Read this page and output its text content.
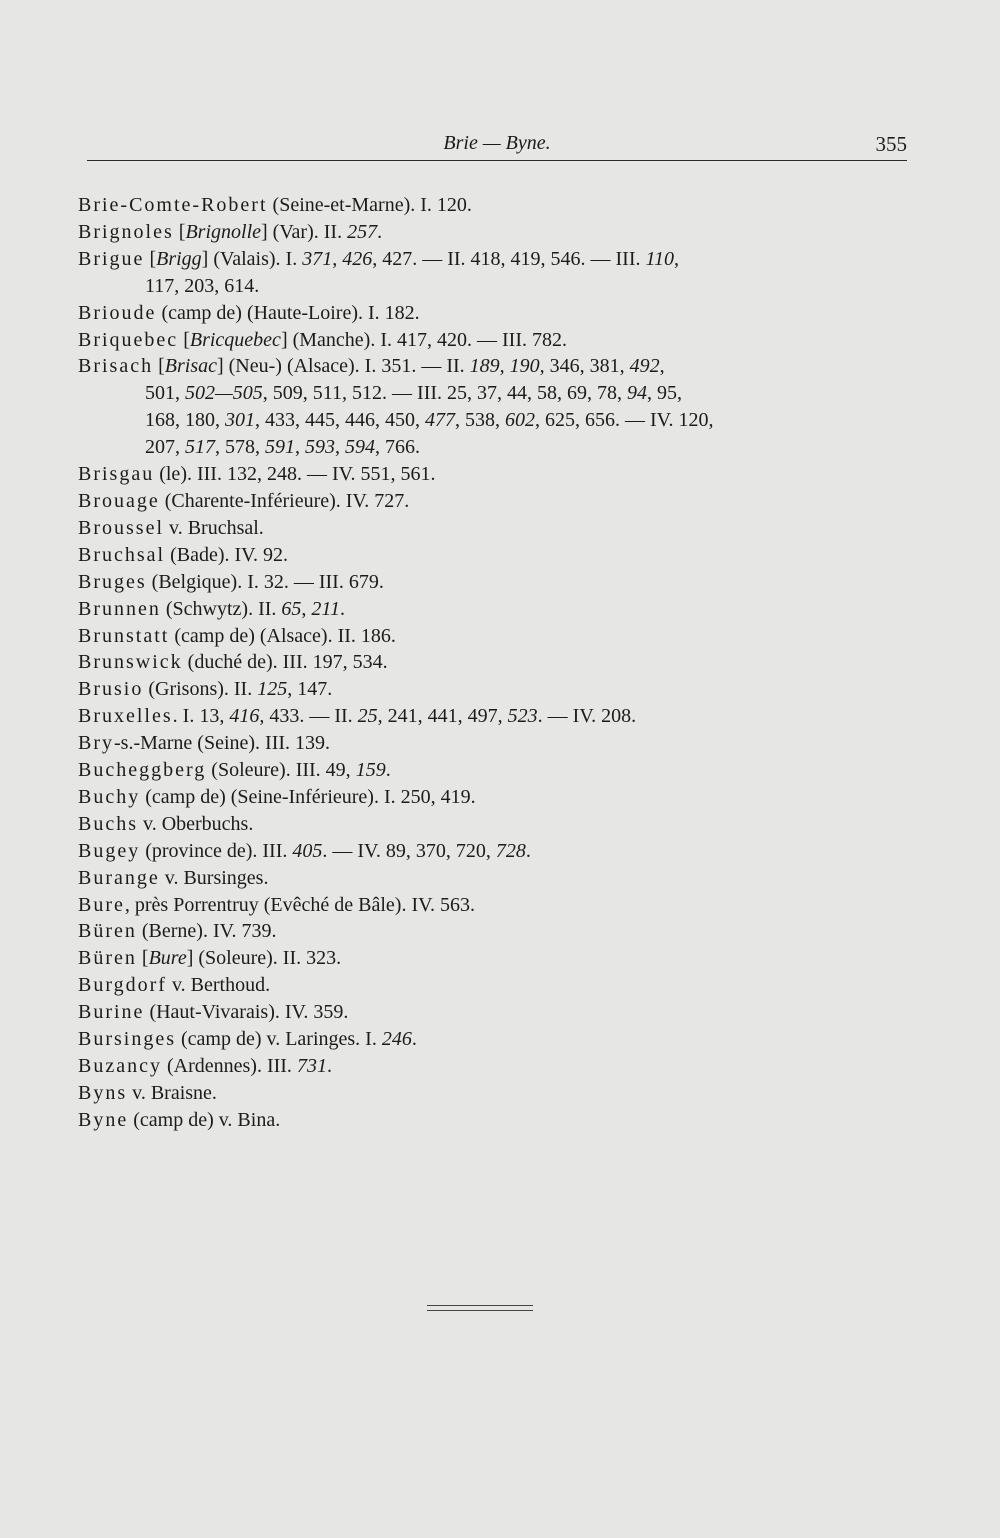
Brie — Byne.	355
Brie-Comte-Robert (Seine-et-Marne). I. 120.
Brignoles [Brignolle] (Var). II. 257.
Brigue [Brigg] (Valais). I. 371, 426, 427. — II. 418, 419, 546. — III. 110,
117, 203, 614.
Brioude (camp de) (Haute-Loire). I. 182.
Briquebec [Bricquebec] (Manche). I. 417, 420. — III. 782.
Brisach [Brisac] (Neu-) (Alsace). I. 351. — II. 189, 190, 346, 381, 492,
501, 502—505, 509, 511, 512. — III. 25, 37, 44, 58, 69, 78, 94, 95,
168, 180, 301, 433, 445, 446, 450, 477, 538, 602, 625, 656. — IV. 120,
207, 517, 578, 591, 593, 594, 766.
Brisgau (le). III. 132, 248. — IV. 551, 561.
Brouage (Charente-Inférieure). IV. 727.
Broussel v. Bruchsal.
Bruchsal (Bade). IV. 92.
Bruges (Belgique). I. 32. — III. 679.
Brunnen (Schwytz). II. 65, 211.
Brunstatt (camp de) (Alsace). II. 186.
Brunswick (duché de). III. 197, 534.
Brusio (Grisons). II. 125, 147.
Bruxelles. I. 13, 416, 433. — II. 25, 241, 441, 497, 523. — IV. 208.
Bry-s.-Marne (Seine). III. 139.
Bucheggberg (Soleure). III. 49, 159.
Buchy (camp de) (Seine-Inférieure). I. 250, 419.
Buchs v. Oberbuchs.
Bugey (province de). III. 405. — IV. 89, 370, 720, 728.
Burange v. Bursinges.
Bure, près Porrentruy (Evêché de Bâle). IV. 563.
Büren (Berne). IV. 739.
Büren [Bure] (Soleure). II. 323.
Burgdorf v. Berthoud.
Burine (Haut-Vivarais). IV. 359.
Bursinges (camp de) v. Laringes. I. 246.
Buzancy (Ardennes). III. 731.
Byns v. Braisne.
Byne (camp de) v. Bina.
